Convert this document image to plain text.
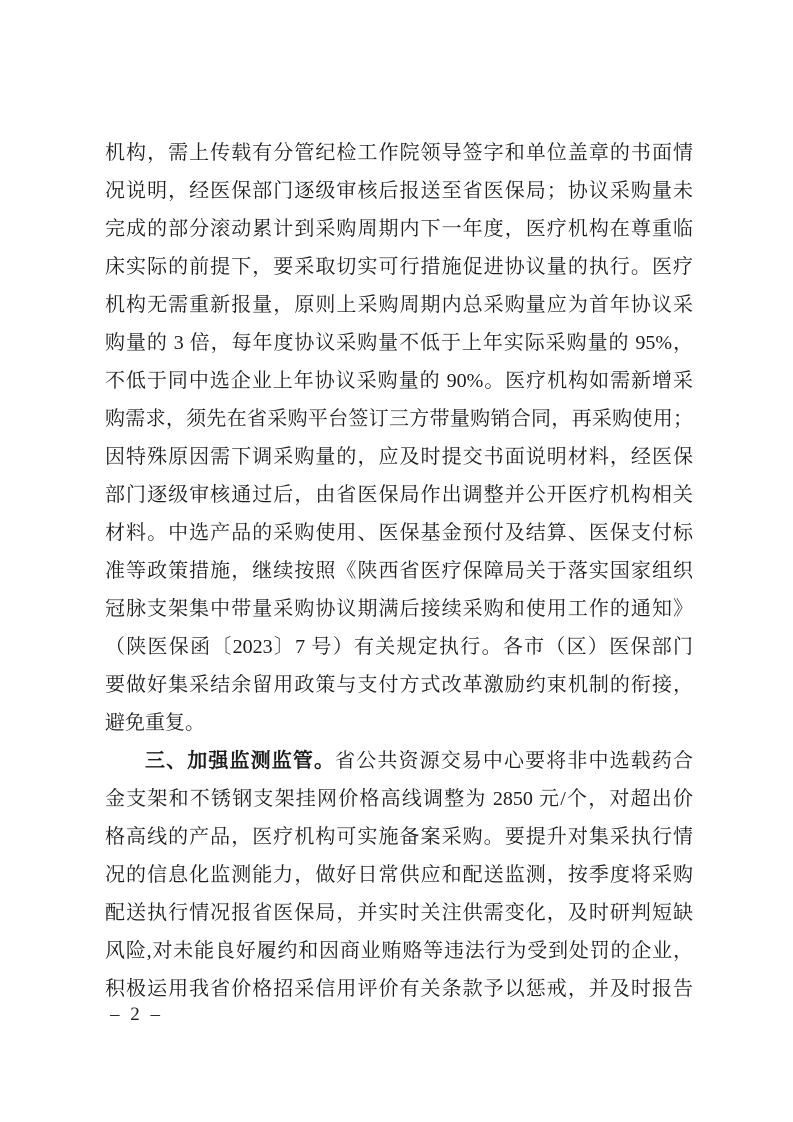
机构，需上传载有分管纪检工作院领导签字和单位盖章的书面情
况说明，经医保部门逐级审核后报送至省医保局；协议采购量未
完成的部分滚动累计到采购周期内下一年度，医疗机构在尊重临
床实际的前提下，要采取切实可行措施促进协议量的执行。医疗
机构无需重新报量，原则上采购周期内总采购量应为首年协议采
购量的 3 倍，每年度协议采购量不低于上年实际采购量的 95%，
不低于同中选企业上年协议采购量的 90%。医疗机构如需新增采
购需求，须先在省采购平台签订三方带量购销合同，再采购使用；
因特殊原因需下调采购量的，应及时提交书面说明材料，经医保
部门逐级审核通过后，由省医保局作出调整并公开医疗机构相关
材料。中选产品的采购使用、医保基金预付及结算、医保支付标
准等政策措施，继续按照《陕西省医疗保障局关于落实国家组织
冠脉支架集中带量采购协议期满后接续采购和使用工作的通知》
（陕医保函〔2023〕7 号）有关规定执行。各市（区）医保部门
要做好集采结余留用政策与支付方式改革激励约束机制的衔接，
避免重复。
三、加强监测监管。省公共资源交易中心要将非中选载药合
金支架和不锈钢支架挂网价格高线调整为 2850 元/个，对超出价
格高线的产品，医疗机构可实施备案采购。要提升对集采执行情
况的信息化监测能力，做好日常供应和配送监测，按季度将采购
配送执行情况报省医保局，并实时关注供需变化，及时研判短缺
风险,对未能良好履约和因商业贿赂等违法行为受到处罚的企业，
积极运用我省价格招采信用评价有关条款予以惩戒，并及时报告
– 2 –
